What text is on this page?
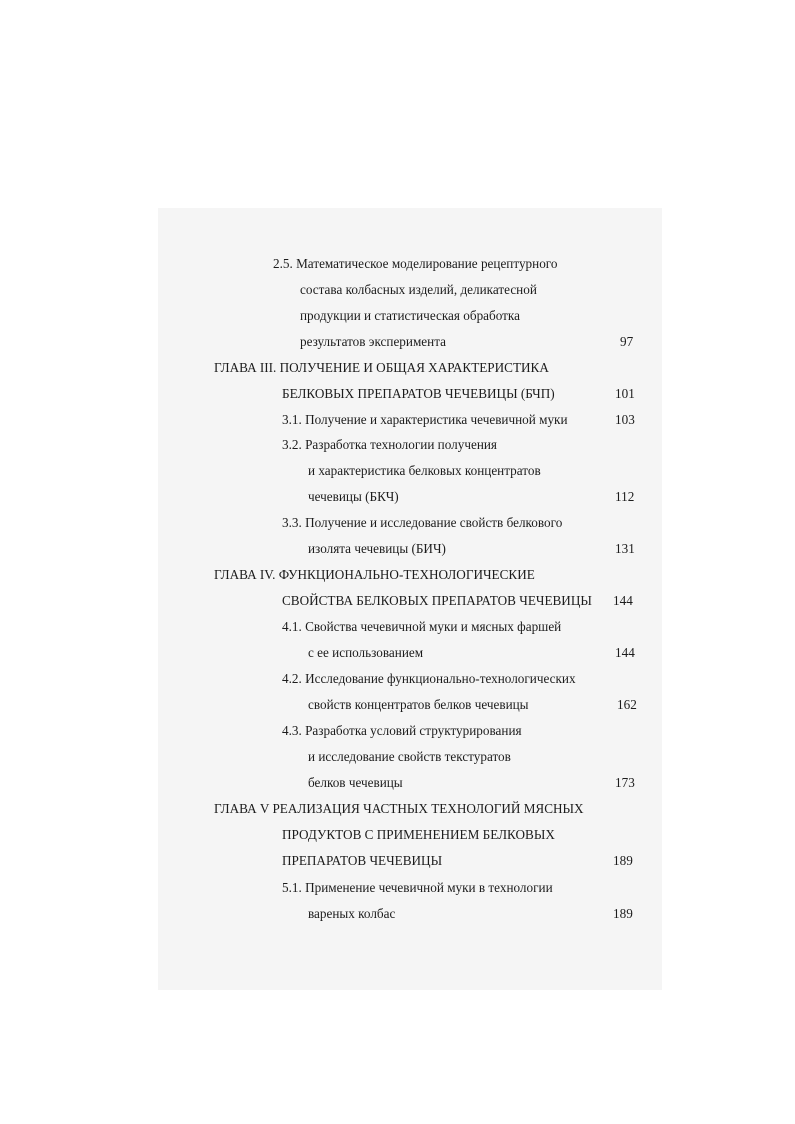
2.5. Математическое моделирование рецептурного
состава колбасных изделий, деликатесной
продукции и статистическая обработка
результатов эксперимента	97
ГЛАВА III. ПОЛУЧЕНИЕ И ОБЩАЯ ХАРАКТЕРИСТИКА
БЕЛКОВЫХ ПРЕПАРАТОВ ЧЕЧЕВИЦЫ (БЧП)	101
3.1. Получение и характеристика чечевичной муки	103
3.2. Разработка технологии получения
и характеристика белковых концентратов
чечевицы (БКЧ)	112
3.3. Получение и исследование свойств белкового
изолята чечевицы (БИЧ)	131
ГЛАВА IV. ФУНКЦИОНАЛЬНО-ТЕХНОЛОГИЧЕСКИЕ
СВОЙСТВА БЕЛКОВЫХ ПРЕПАРАТОВ ЧЕЧЕВИЦЫ 144
4.1. Свойства чечевичной муки и мясных фаршей
с ее использованием	144
4.2. Исследование функционально-технологических
свойств концентратов белков чечевицы	162
4.3. Разработка условий структурирования
и исследование свойств текстуратов
белков чечевицы	173
ГЛАВА V РЕАЛИЗАЦИЯ ЧАСТНЫХ ТЕХНОЛОГИЙ МЯСНЫХ
ПРОДУКТОВ С ПРИМЕНЕНИЕМ БЕЛКОВЫХ
ПРЕПАРАТОВ ЧЕЧЕВИЦЫ	189
5.1. Применение чечевичной муки в технологии
вареных колбас	189
